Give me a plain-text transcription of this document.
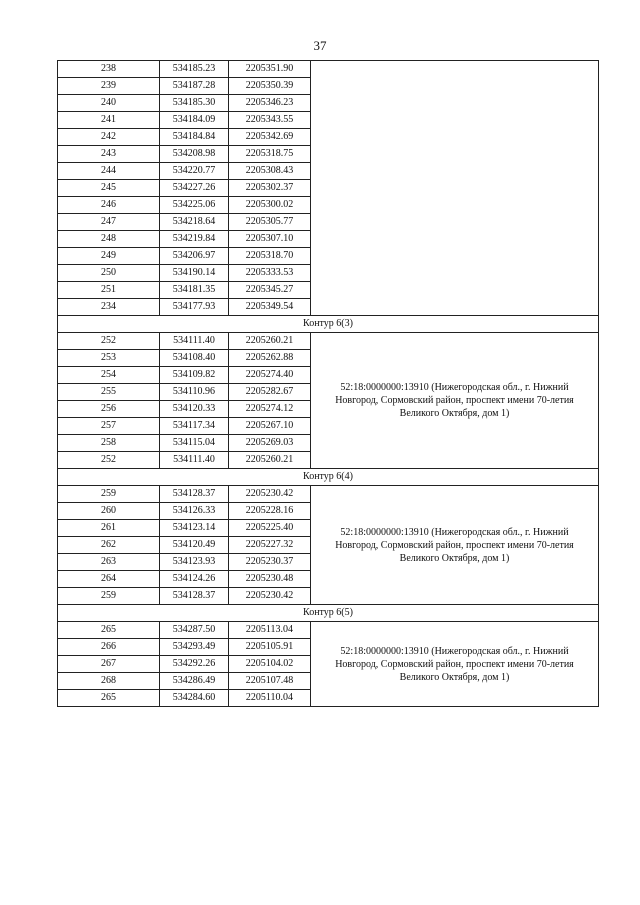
37
238	534185.23	2205351.90	
239	534187.28	2205350.39	
240	534185.30	2205346.23	
241	534184.09	2205343.55	
242	534184.84	2205342.69	
243	534208.98	2205318.75	
244	534220.77	2205308.43	
245	534227.26	2205302.37	
246	534225.06	2205300.02	
247	534218.64	2205305.77	
248	534219.84	2205307.10	
249	534206.97	2205318.70	
250	534190.14	2205333.53	
251	534181.35	2205345.27	
234	534177.93	2205349.54	
Контур 6(3)			
252	534111.40	2205260.21	52:18:0000000:13910 (Нижегородская обл., г. Нижний Новгород, Сормовский район, проспект имени 70-летия Великого Октября, дом 1)
253	534108.40	2205262.88	
254	534109.82	2205274.40	
255	534110.96	2205282.67	
256	534120.33	2205274.12	
257	534117.34	2205267.10	
258	534115.04	2205269.03	
252	534111.40	2205260.21	
Контур 6(4)			
259	534128.37	2205230.42	52:18:0000000:13910 (Нижегородская обл., г. Нижний Новгород, Сормовский район, проспект имени 70-летия Великого Октября, дом 1)
260	534126.33	2205228.16	
261	534123.14	2205225.40	
262	534120.49	2205227.32	
263	534123.93	2205230.37	
264	534124.26	2205230.48	
259	534128.37	2205230.42	
Контур 6(5)			
265	534287.50	2205113.04	52:18:0000000:13910 (Нижегородская обл., г. Нижний Новгород, Сормовский район, проспект имени 70-летия Великого Октября, дом 1)
266	534293.49	2205105.91	
267	534292.26	2205104.02	
268	534286.49	2205107.48	
265	534284.60	2205110.04	
